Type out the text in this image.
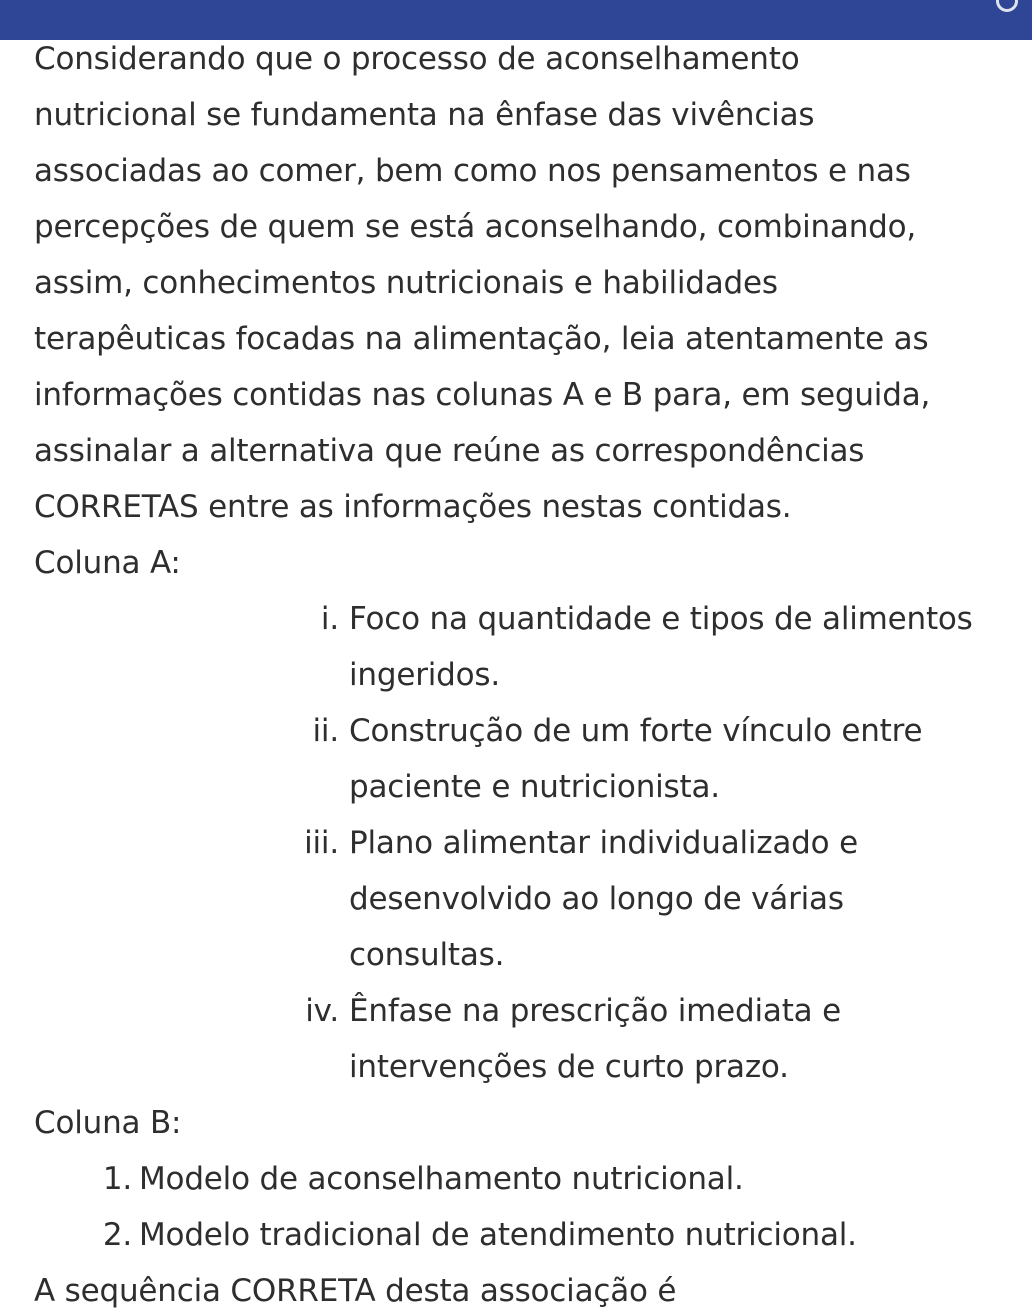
Considerando que o processo de aconselhamento
nutricional se fundamenta na ênfase das vivências
associadas ao comer, bem como nos pensamentos e nas
percepções de quem se está aconselhando, combinando,
assim, conhecimentos nutricionais e habilidades
terapêuticas focadas na alimentação, leia atentamente as
informações contidas nas colunas A e B para, em seguida,
assinalar a alternativa que reúne as correspondências
CORRETAS entre as informações nestas contidas.

Coluna A:
i. Foco na quantidade e tipos de alimentos
ingeridos.
ii. Construção de um forte vínculo entre
paciente e nutricionista.
iii. Plano alimentar individualizado e
desenvolvido ao longo de várias
consultas.
iv. Ênfase na prescrição imediata e
intervenções de curto prazo.
Coluna B:
1. Modelo de aconselhamento nutricional.
2. Modelo tradicional de atendimento nutricional.
A sequência CORRETA desta associação é
